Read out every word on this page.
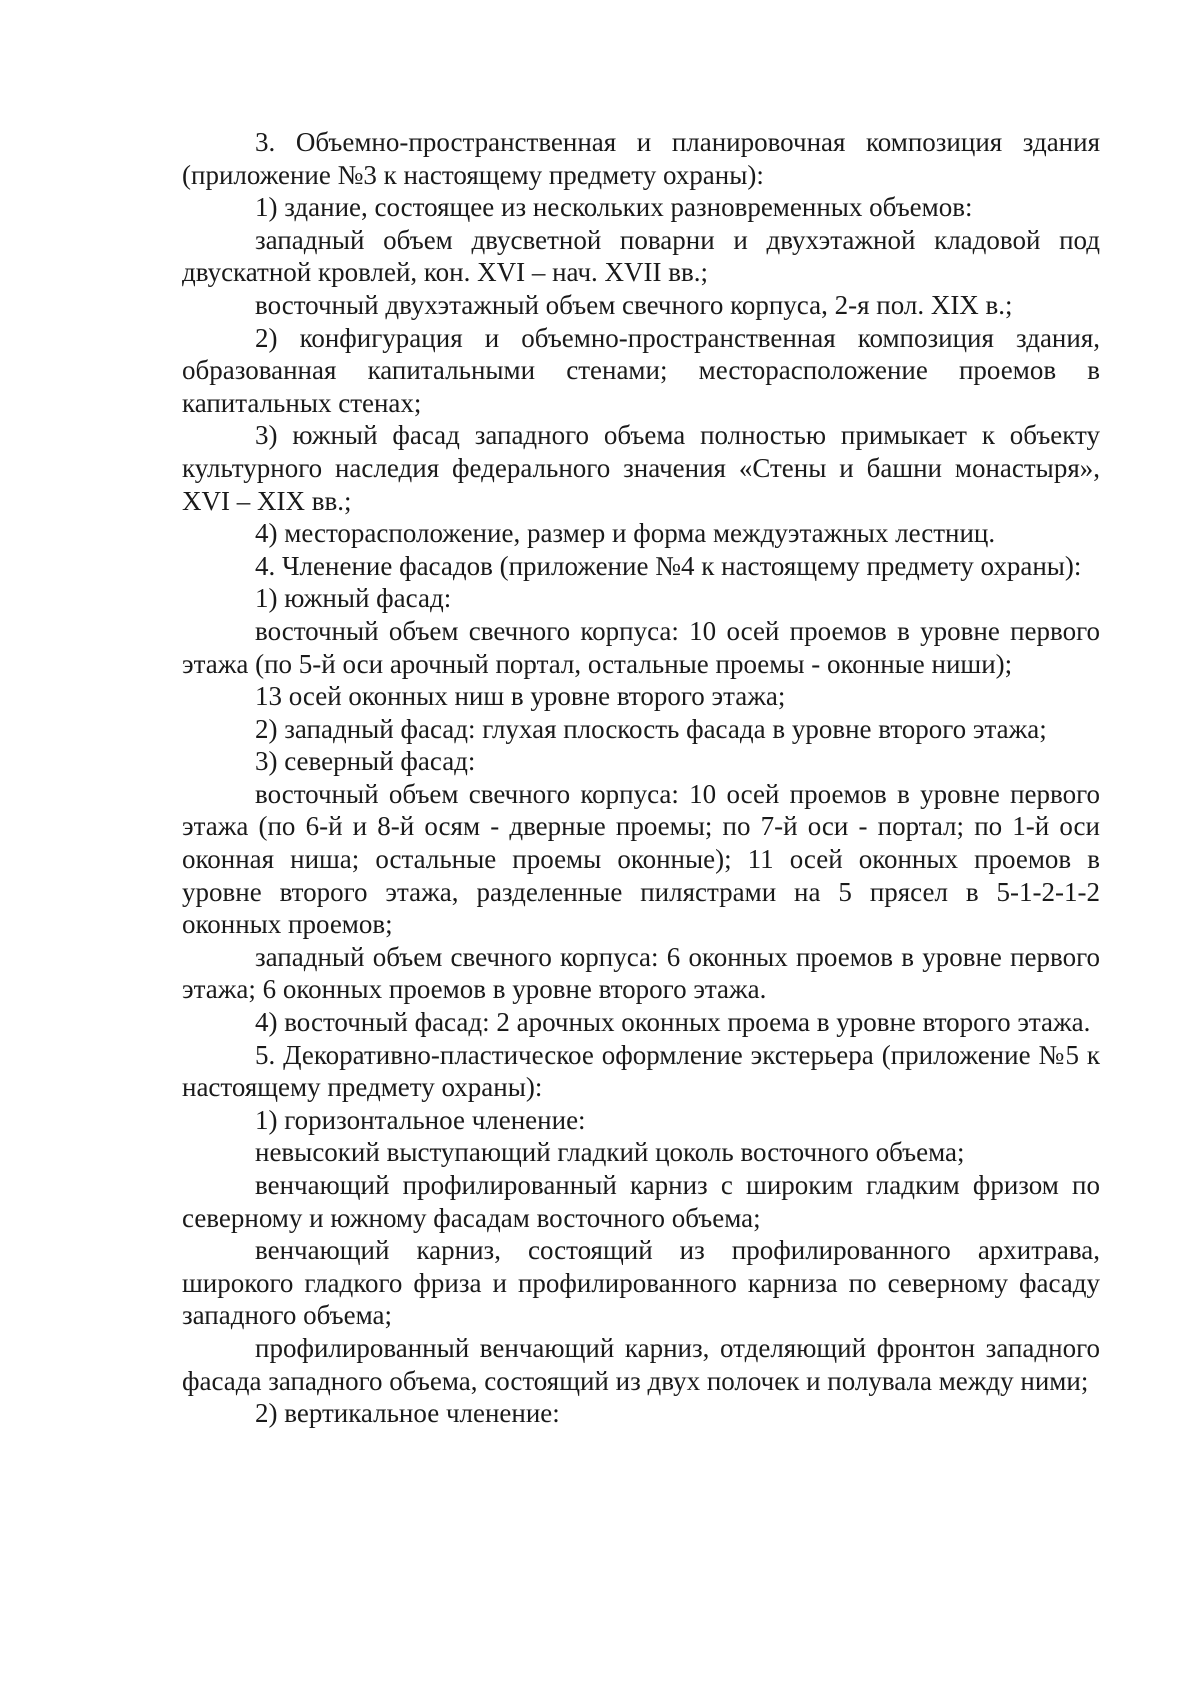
3. Объемно-пространственная и планировочная композиция здания (приложение №3 к настоящему предмету охраны):

1) здание, состоящее из нескольких разновременных объемов:

западный объем двусветной поварни и двухэтажной кладовой под двускатной кровлей, кон. XVI – нач. XVII вв.;

восточный двухэтажный объем свечного корпуса, 2-я пол. XIX в.;

2) конфигурация и объемно-пространственная композиция здания, образованная капитальными стенами; месторасположение проемов в капитальных стенах;

3) южный фасад западного объема полностью примыкает к объекту культурного наследия федерального значения «Стены и башни монастыря», XVI – XIX вв.;

4) месторасположение, размер и форма междуэтажных лестниц.

4. Членение фасадов (приложение №4 к настоящему предмету охраны):

1) южный фасад:

восточный объем свечного корпуса: 10 осей проемов в уровне первого этажа (по 5-й оси арочный портал, остальные проемы - оконные ниши);

13 осей оконных ниш в уровне второго этажа;

2) западный фасад: глухая плоскость фасада в уровне второго этажа;

3) северный фасад:

восточный объем свечного корпуса: 10 осей проемов в уровне первого этажа (по 6-й и 8-й осям - дверные проемы; по 7-й оси - портал; по 1-й оси оконная ниша; остальные проемы оконные); 11 осей оконных проемов в уровне второго этажа, разделенные пилястрами на 5 прясел в 5-1-2-1-2 оконных проемов;

западный объем свечного корпуса: 6 оконных проемов в уровне первого этажа; 6 оконных проемов в уровне второго этажа.

4) восточный фасад: 2 арочных оконных проема в уровне второго этажа.

5. Декоративно-пластическое оформление экстерьера (приложение №5 к настоящему предмету охраны):

1) горизонтальное членение:

невысокий выступающий гладкий цоколь восточного объема;

венчающий профилированный карниз с широким гладким фризом по северному и южному фасадам восточного объема;

венчающий карниз, состоящий из профилированного архитрава, широкого гладкого фриза и профилированного карниза по северному фасаду западного объема;

профилированный венчающий карниз, отделяющий фронтон западного фасада западного объема, состоящий из двух полочек и полувала между ними;

2) вертикальное членение:
